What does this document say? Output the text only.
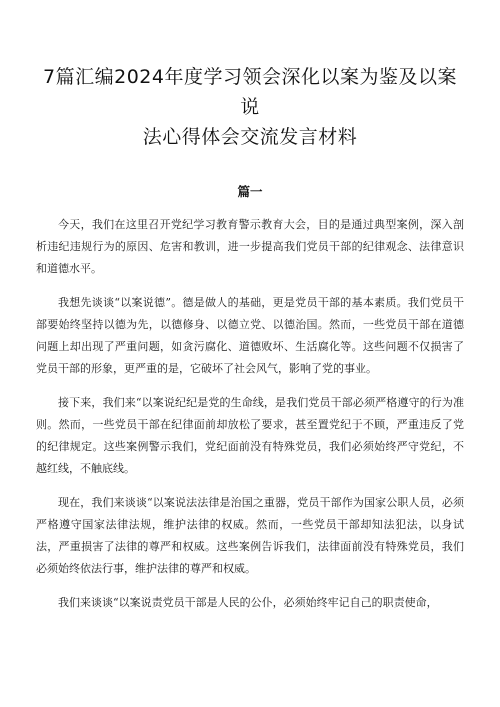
7篇汇编2024年度学习领会深化以案为鉴及以案说
法心得体会交流发言材料
篇一

今天，我们在这里召开党纪学习教育警示教育大会，目的是通过典型案例，深入剖析违纪违规行为的原因、危害和教训，进一步提高我们党员干部的纪律观念、法律意识和道德水平。

我想先谈谈“以案说德”。德是做人的基础，更是党员干部的基本素质。我们党员干部要始终坚持以德为先，以德修身、以德立党、以德治国。然而，一些党员干部在道德问题上却出现了严重问题，如贪污腐化、道德败坏、生活腐化等。这些问题不仅损害了党员干部的形象，更严重的是，它破坏了社会风气，影响了党的事业。

接下来，我们来“以案说纪纪是党的生命线，是我们党员干部必须严格遵守的行为准则。然而，一些党员干部在纪律面前却放松了要求，甚至置党纪于不顾，严重违反了党的纪律规定。这些案例警示我们，党纪面前没有特殊党员，我们必须始终严守党纪，不越红线，不触底线。

现在，我们来谈谈“以案说法法律是治国之重器，党员干部作为国家公职人员，必须严格遵守国家法律法规，维护法律的权威。然而，一些党员干部却知法犯法，以身试法，严重损害了法律的尊严和权威。这些案例告诉我们，法律面前没有特殊党员，我们必须始终依法行事，维护法律的尊严和权威。

我们来谈谈“以案说责党员干部是人民的公仆，必须始终牢记自己的职责使命，
